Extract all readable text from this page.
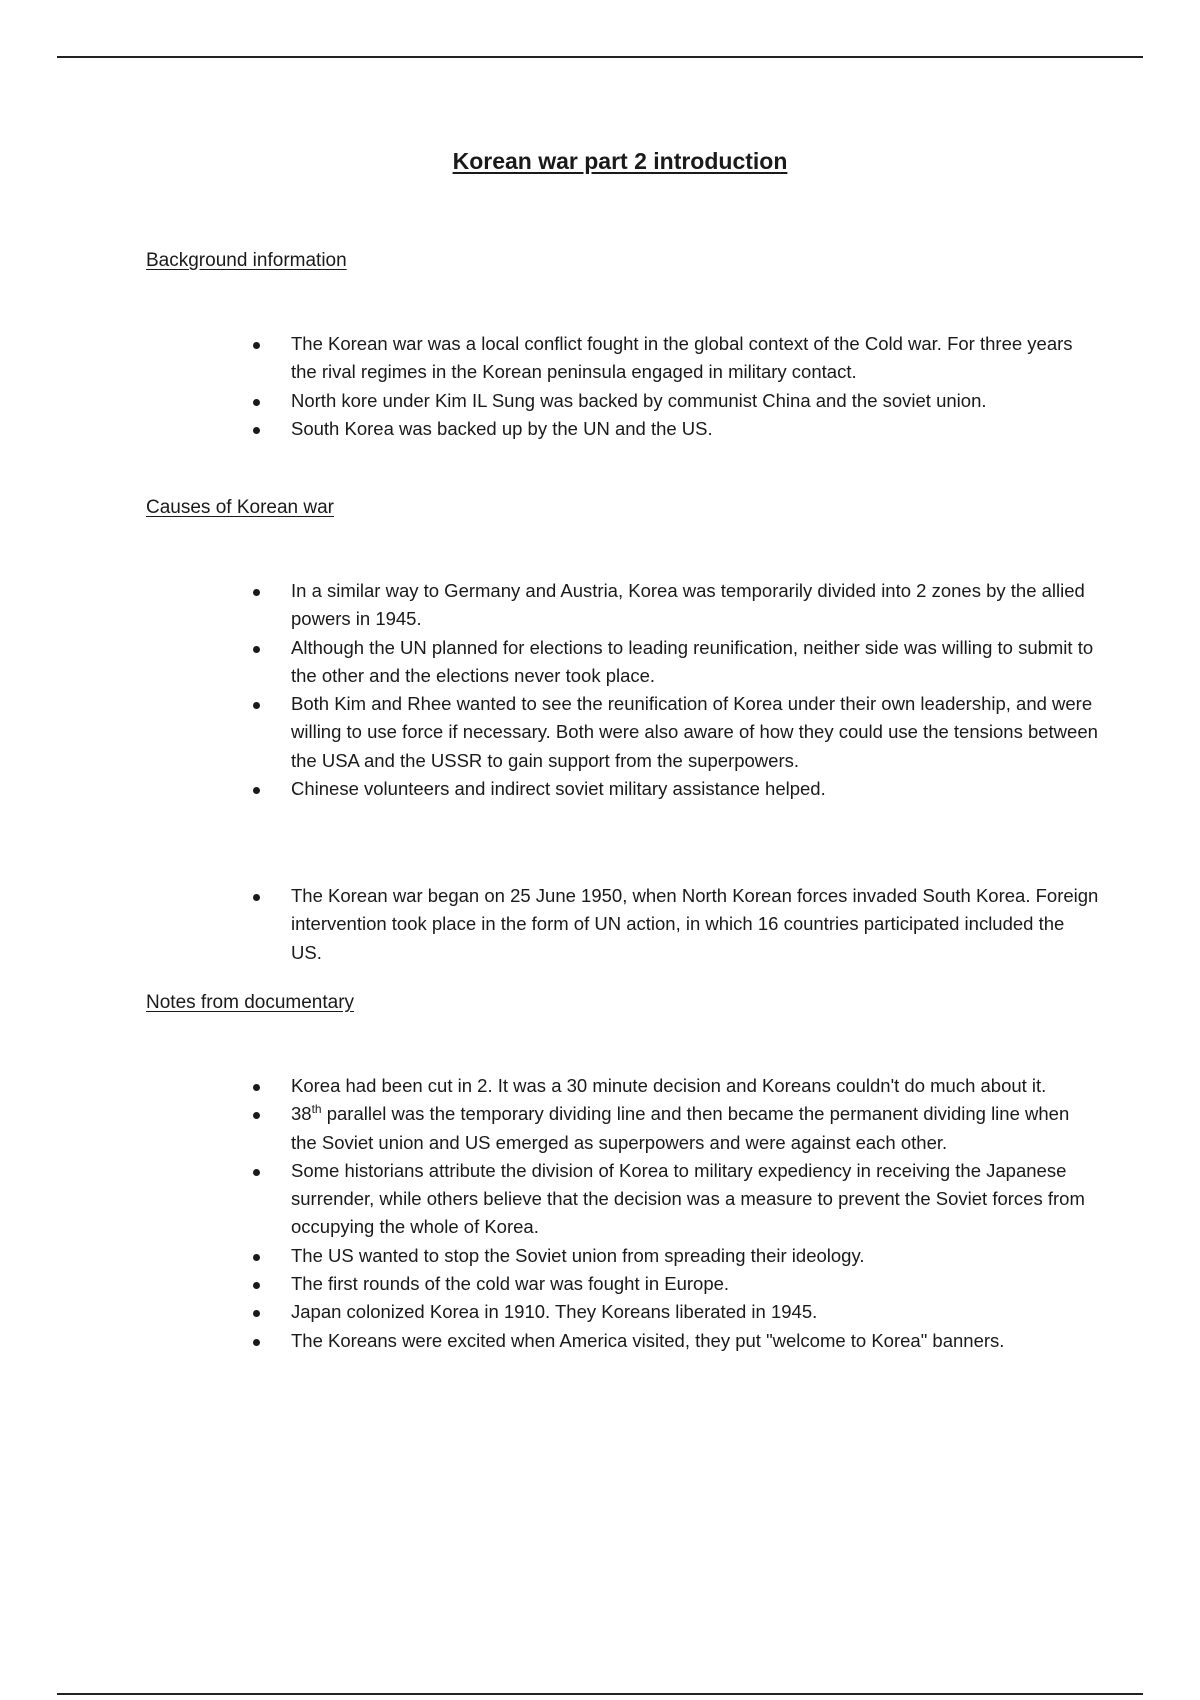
Korean war part 2 introduction
Background information
The Korean war was a local conflict fought in the global context of the Cold war. For three years the rival regimes in the Korean peninsula engaged in military contact.
North kore under Kim IL Sung was backed by communist China and the soviet union.
South Korea was backed up by the UN and the US.
Causes of Korean war
In a similar way to Germany and Austria, Korea was temporarily divided into 2 zones by the allied powers in 1945.
Although the UN planned for elections to leading reunification, neither side was willing to submit to the other and the elections never took place.
Both Kim and Rhee wanted to see the reunification of Korea under their own leadership, and were willing to use force if necessary. Both were also aware of how they could use the tensions between the USA and the USSR to gain support from the superpowers.
Chinese volunteers and indirect soviet military assistance helped.
The Korean war began on 25 June 1950, when North Korean forces invaded South Korea. Foreign intervention took place in the form of UN action, in which 16 countries participated included the US.
Notes from documentary
Korea had been cut in 2. It was a 30 minute decision and Koreans couldn't do much about it.
38th parallel was the temporary dividing line and then became the permanent dividing line when the Soviet union and US emerged as superpowers and were against each other.
Some historians attribute the division of Korea to military expediency in receiving the Japanese surrender, while others believe that the decision was a measure to prevent the Soviet forces from occupying the whole of Korea.
The US wanted to stop the Soviet union from spreading their ideology.
The first rounds of the cold war was fought in Europe.
Japan colonized Korea in 1910. They Koreans liberated in 1945.
The Koreans were excited when America visited, they put "welcome to Korea" banners.
